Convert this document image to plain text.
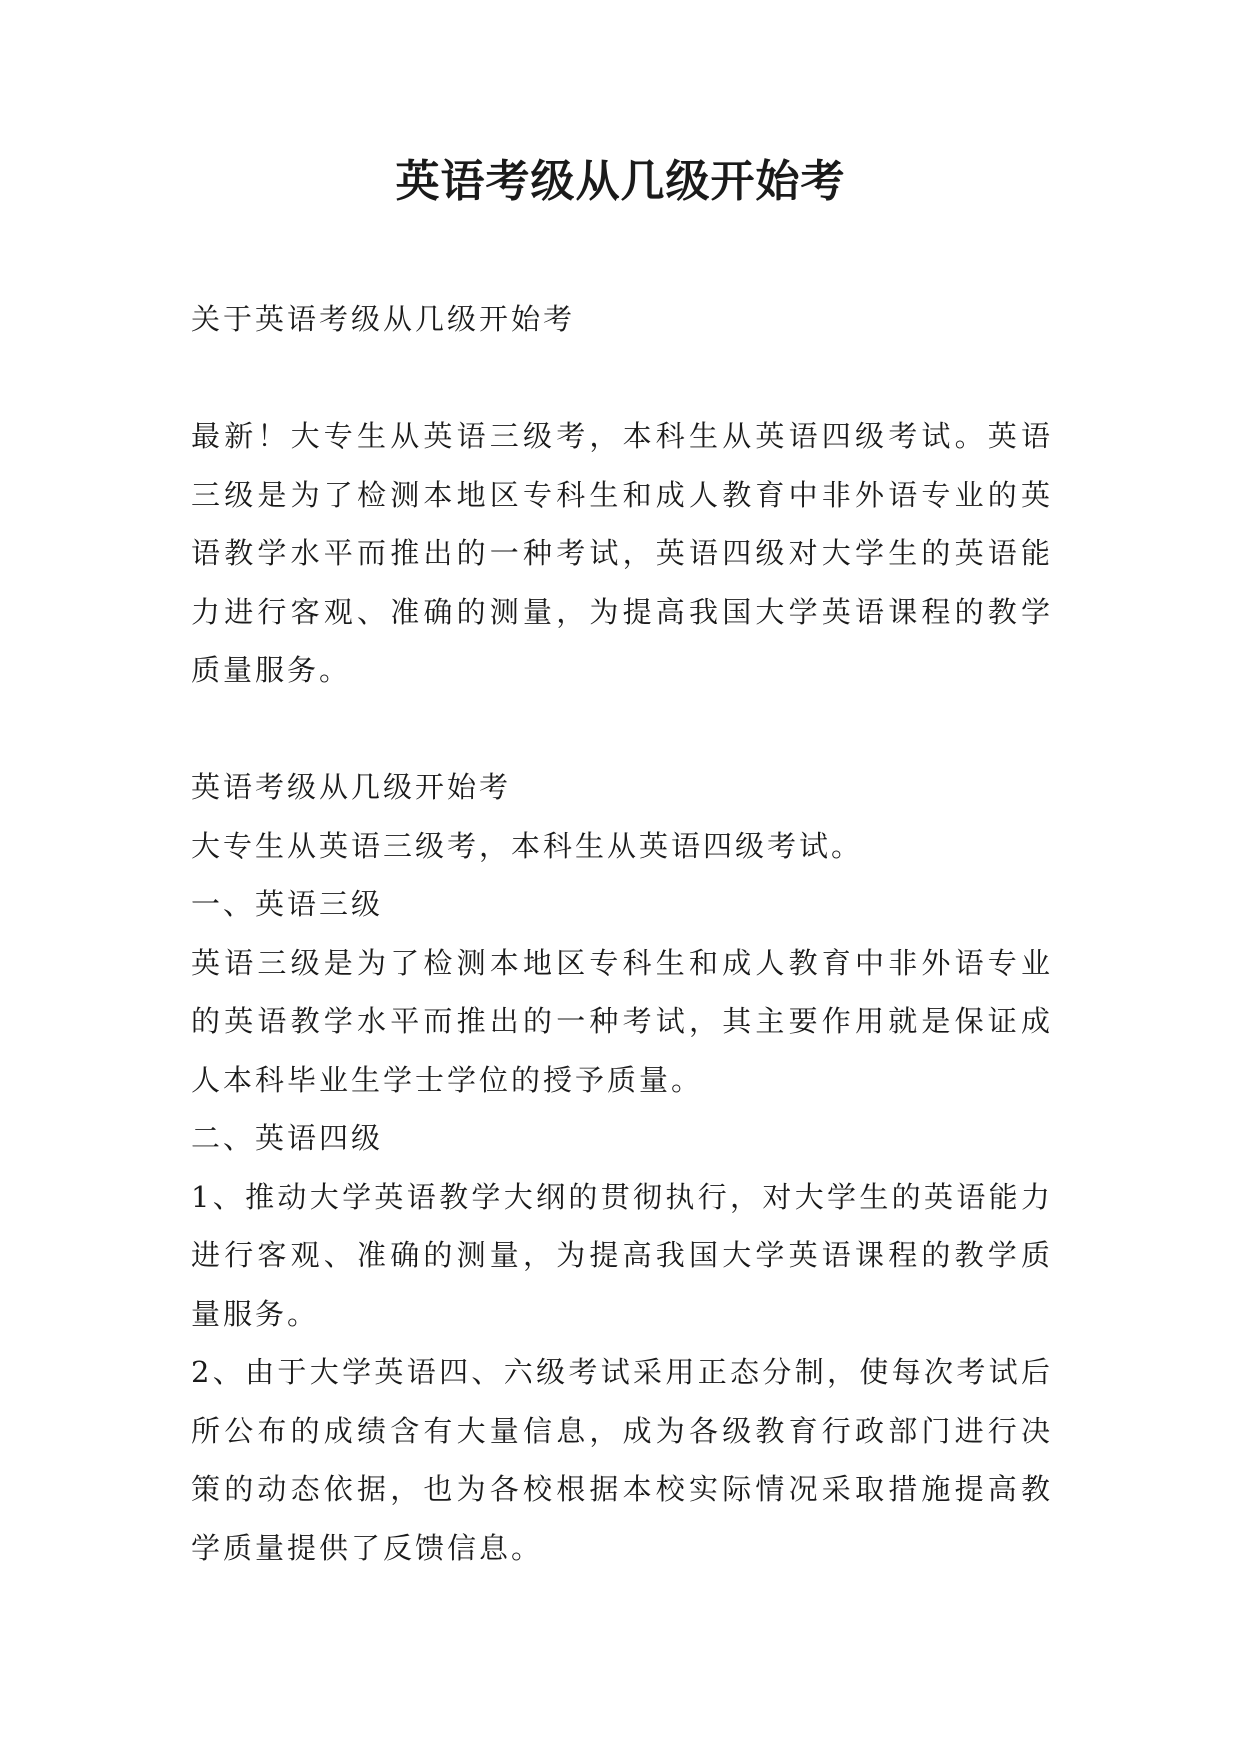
英语考级从几级开始考

关于英语考级从几级开始考

最新！大专生从英语三级考，本科生从英语四级考试。英语三级是为了检测本地区专科生和成人教育中非外语专业的英语教学水平而推出的一种考试，英语四级对大学生的英语能力进行客观、准确的测量，为提高我国大学英语课程的教学质量服务。

英语考级从几级开始考

大专生从英语三级考，本科生从英语四级考试。

一、英语三级

英语三级是为了检测本地区专科生和成人教育中非外语专业的英语教学水平而推出的一种考试，其主要作用就是保证成人本科毕业生学士学位的授予质量。

二、英语四级

1、推动大学英语教学大纲的贯彻执行，对大学生的英语能力进行客观、准确的测量，为提高我国大学英语课程的教学质量服务。

2、由于大学英语四、六级考试采用正态分制，使每次考试后所公布的成绩含有大量信息，成为各级教育行政部门进行决策的动态依据，也为各校根据本校实际情况采取措施提高教学质量提供了反馈信息。
